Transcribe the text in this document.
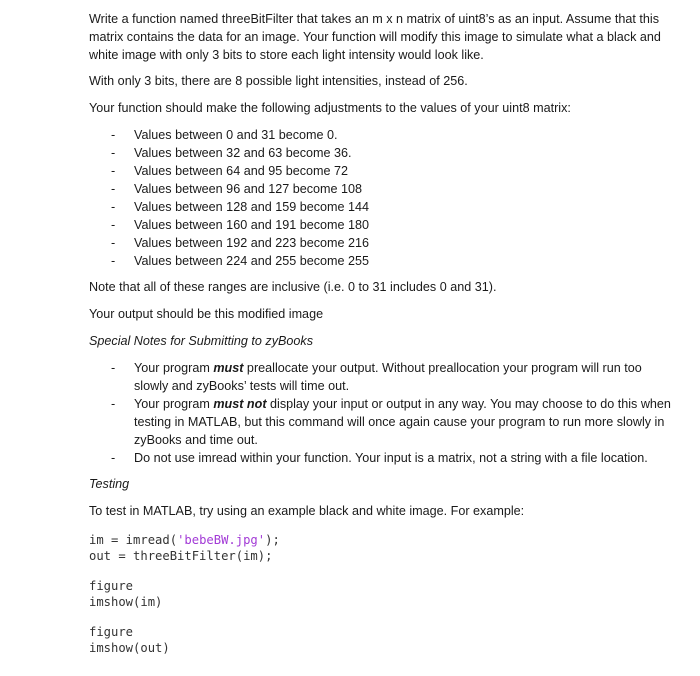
Write a function named threeBitFilter that takes an m x n matrix of uint8’s as an input. Assume that this matrix contains the data for an image. Your function will modify this image to simulate what a black and white image with only 3 bits to store each light intensity would look like.

With only 3 bits, there are 8 possible light intensities, instead of 256.

Your function should make the following adjustments to the values of your uint8 matrix:

- Values between 0 and 31 become 0.
- Values between 32 and 63 become 36.
- Values between 64 and 95 become 72
- Values between 96 and 127 become 108
- Values between 128 and 159 become 144
- Values between 160 and 191 become 180
- Values between 192 and 223 become 216
- Values between 224 and 255 become 255

Note that all of these ranges are inclusive (i.e. 0 to 31 includes 0 and 31).

Your output should be this modified image

Special Notes for Submitting to zyBooks

- Your program must preallocate your output. Without preallocation your program will run too slowly and zyBooks’ tests will time out.
- Your program must not display your input or output in any way. You may choose to do this when testing in MATLAB, but this command will once again cause your program to run more slowly in zyBooks and time out.
- Do not use imread within your function. Your input is a matrix, not a string with a file location.

Testing

To test in MATLAB, try using an example black and white image. For example:

im = imread('bebeBW.jpg');
out = threeBitFilter(im);
figure
imshow(im)
figure
imshow(out)
